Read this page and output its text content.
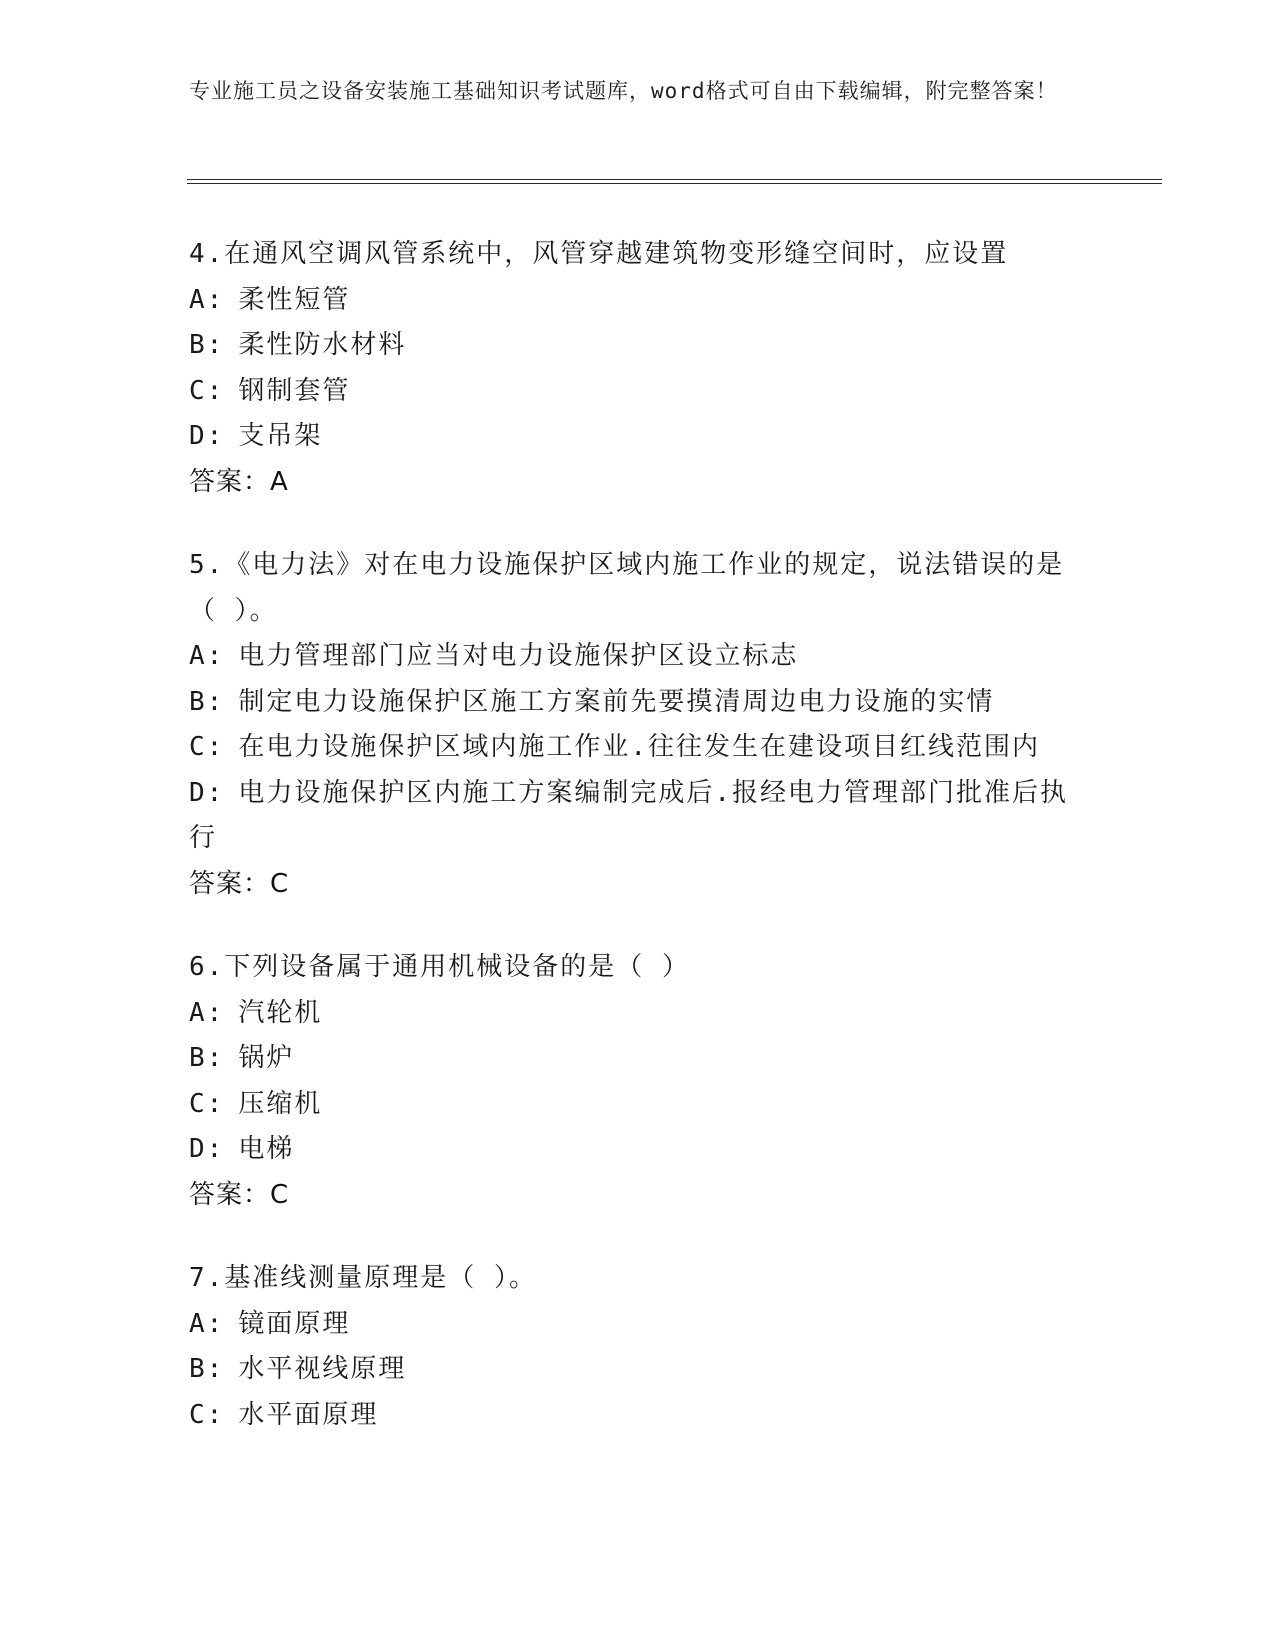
专业施工员之设备安装施工基础知识考试题库，word格式可自由下载编辑，附完整答案！

4.在通风空调风管系统中，风管穿越建筑物变形缝空间时，应设置

A: 柔性短管

B: 柔性防水材料

C: 钢制套管

D: 支吊架

答案：A

5.《电力法》对在电力设施保护区域内施工作业的规定，说法错误的是（ ）。

A: 电力管理部门应当对电力设施保护区设立标志

B: 制定电力设施保护区施工方案前先要摸清周边电力设施的实情

C: 在电力设施保护区域内施工作业.往往发生在建设项目红线范围内

D: 电力设施保护区内施工方案编制完成后.报经电力管理部门批准后执行

答案：C

6.下列设备属于通用机械设备的是（ ）

A: 汽轮机

B: 锅炉

C: 压缩机

D: 电梯

答案：C

7.基准线测量原理是（ ）。

A: 镜面原理

B: 水平视线原理

C: 水平面原理
